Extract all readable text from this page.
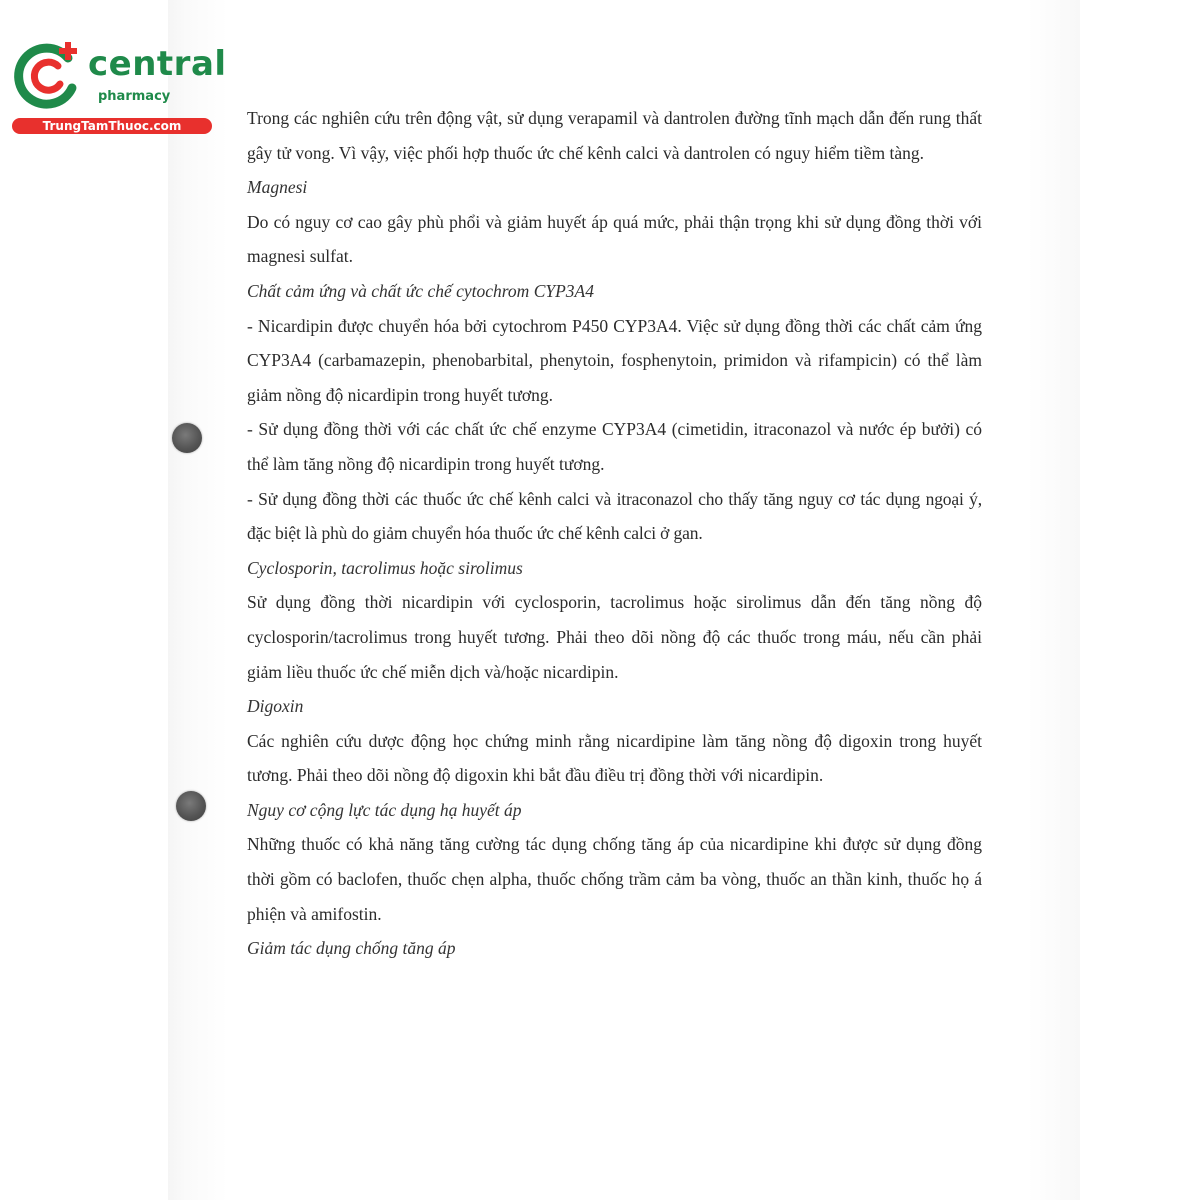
central
pharmacy
TrungTamThuoc.com	Trong các nghiên cứu trên động vật, sử dụng verapamil và dantrolen đường tĩnh mạch dẫn đến rung thất gây tử vong. Vì vậy, việc phối hợp thuốc ức chế kênh calci và dantrolen có nguy hiểm tiềm tàng.

Magnesi

Do có nguy cơ cao gây phù phổi và giảm huyết áp quá mức, phải thận trọng khi sử dụng đồng thời với magnesi sulfat.

Chất cảm ứng và chất ức chế cytochrom CYP3A4

- Nicardipin được chuyển hóa bởi cytochrom P450 CYP3A4. Việc sử dụng đồng thời các chất cảm ứng CYP3A4 (carbamazepin, phenobarbital, phenytoin, fosphenytoin, primidon và rifampicin) có thể làm giảm nồng độ nicardipin trong huyết tương.

- Sử dụng đồng thời với các chất ức chế enzyme CYP3A4 (cimetidin, itraconazol và nước ép bưởi) có thể làm tăng nồng độ nicardipin trong huyết tương.

- Sử dụng đồng thời các thuốc ức chế kênh calci và itraconazol cho thấy tăng nguy cơ tác dụng ngoại ý, đặc biệt là phù do giảm chuyển hóa thuốc ức chế kênh calci ở gan.

Cyclosporin, tacrolimus hoặc sirolimus

Sử dụng đồng thời nicardipin với cyclosporin, tacrolimus hoặc sirolimus dẫn đến tăng nồng độ cyclosporin/tacrolimus trong huyết tương. Phải theo dõi nồng độ các thuốc trong máu, nếu cần phải giảm liều thuốc ức chế miễn dịch và/hoặc nicardipin.

Digoxin

Các nghiên cứu dược động học chứng minh rằng nicardipine làm tăng nồng độ digoxin trong huyết tương. Phải theo dõi nồng độ digoxin khi bắt đầu điều trị đồng thời với nicardipin.

Nguy cơ cộng lực tác dụng hạ huyết áp

Những thuốc có khả năng tăng cường tác dụng chống tăng áp của nicardipine khi được sử dụng đồng thời gồm có baclofen, thuốc chẹn alpha, thuốc chống trầm cảm ba vòng, thuốc an thần kinh, thuốc họ á phiện và amifostin.

Giảm tác dụng chống tăng áp
